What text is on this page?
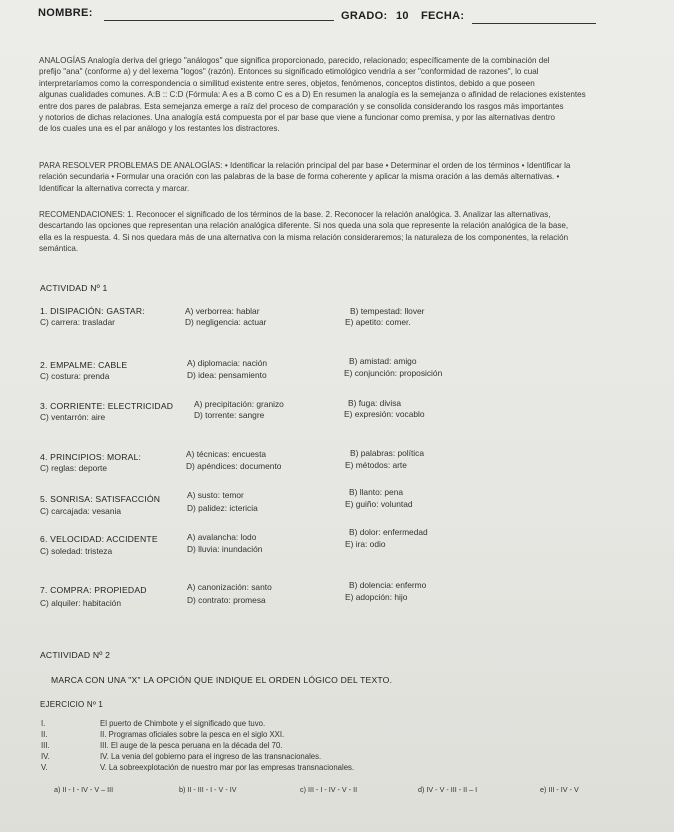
NOMBRE:	GRADO: 10 FECHA:
ANALOGÍAS Analogía deriva del griego "análogos" que significa proporcionado, parecido, relacionado; específicamente de la combinación del
prefijo "ana" (conforme a) y del lexema "logos" (razón). Entonces su significado etimológico vendría a ser "conformidad de razones", lo cual
interpretaríamos como la correspondencia o similitud existente entre seres, objetos, fenómenos, conceptos distintos, debido a que poseen
algunas cualidades comunes. A:B :: C:D (Fórmula: A es a B como C es a D) En resumen la analogía es la semejanza o afinidad de relaciones existentes
entre dos pares de palabras. Esta semejanza emerge a raíz del proceso de comparación y se consolida considerando los rasgos más importantes
y notorios de dichas relaciones. Una analogía está compuesta por el par base que viene a funcionar como premisa, y por las alternativas dentro
de los cuales una es el par análogo y los restantes los distractores.
PARA RESOLVER PROBLEMAS DE ANALOGÍAS: • Identificar la relación principal del par base • Determinar el orden de los términos • Identificar la
relación secundaria • Formular una oración con las palabras de la base de forma coherente y aplicar la misma oración a las demás alternativas. •
Identificar la alternativa correcta y marcar.
RECOMENDACIONES: 1. Reconocer el significado de los términos de la base. 2. Reconocer la relación analógica. 3. Analizar las alternativas,
descartando las opciones que representan una relación analógica diferente. Si nos queda una sola que represente la relación analógica de la base,
ella es la respuesta. 4. Si nos quedara más de una alternativa con la misma relación consideraremos; la naturaleza de los componentes, la relación
semántica.
ACTIVIDAD Nº 1
1. DISIPACIÓN: GASTAR:
C) carrera: trasladar
A) verborrea: hablar
D) negligencia: actuar
B) tempestad: llover
E) apetito: comer.
2. EMPALME: CABLE
C) costura: prenda
A) diplomacia: nación
D) idea: pensamiento
B) amistad: amigo
E) conjunción: proposición
3. CORRIENTE: ELECTRICIDAD
C) ventarrón: aire
A) precipitación: granizo
D) torrente: sangre
B) fuga: divisa
E) expresión: vocablo
4. PRINCIPIOS: MORAL:
C) reglas: deporte
A) técnicas: encuesta
D) apéndices: documento
B) palabras: política
E) métodos: arte
5. SONRISA: SATISFACCIÓN
C) carcajada: vesania
A) susto: temor
D) palidez: ictericia
B) llanto: pena
E) guiño: voluntad
6. VELOCIDAD: ACCIDENTE
C) soledad: tristeza
A) avalancha: lodo
D) lluvia: inundación
B) dolor: enfermedad
E) ira: odio
7. COMPRA: PROPIEDAD
C) alquiler: habitación
A) canonización: santo
D) contrato: promesa
B) dolencia: enfermo
E) adopción: hijo
ACTIIVIDAD Nº 2
MARCA CON UNA "X" LA OPCIÓN QUE INDIQUE EL ORDEN LÓGICO DEL TEXTO.
EJERCICIO Nº 1
I.	El puerto de Chimbote y el significado que tuvo.
II.	II. Programas oficiales sobre la pesca en el siglo XXI.
III.	III. El auge de la pesca peruana en la década del 70.
IV.	IV. La venia del gobierno para el ingreso de las transnacionales.
V.	V. La sobreexplotación de nuestro mar por las empresas transnacionales.
a) II - I - IV - V – III	b) II - III - I - V - IV	c) III - I - IV - V - II	d) IV - V - III - II – I	e) III - IV - V
